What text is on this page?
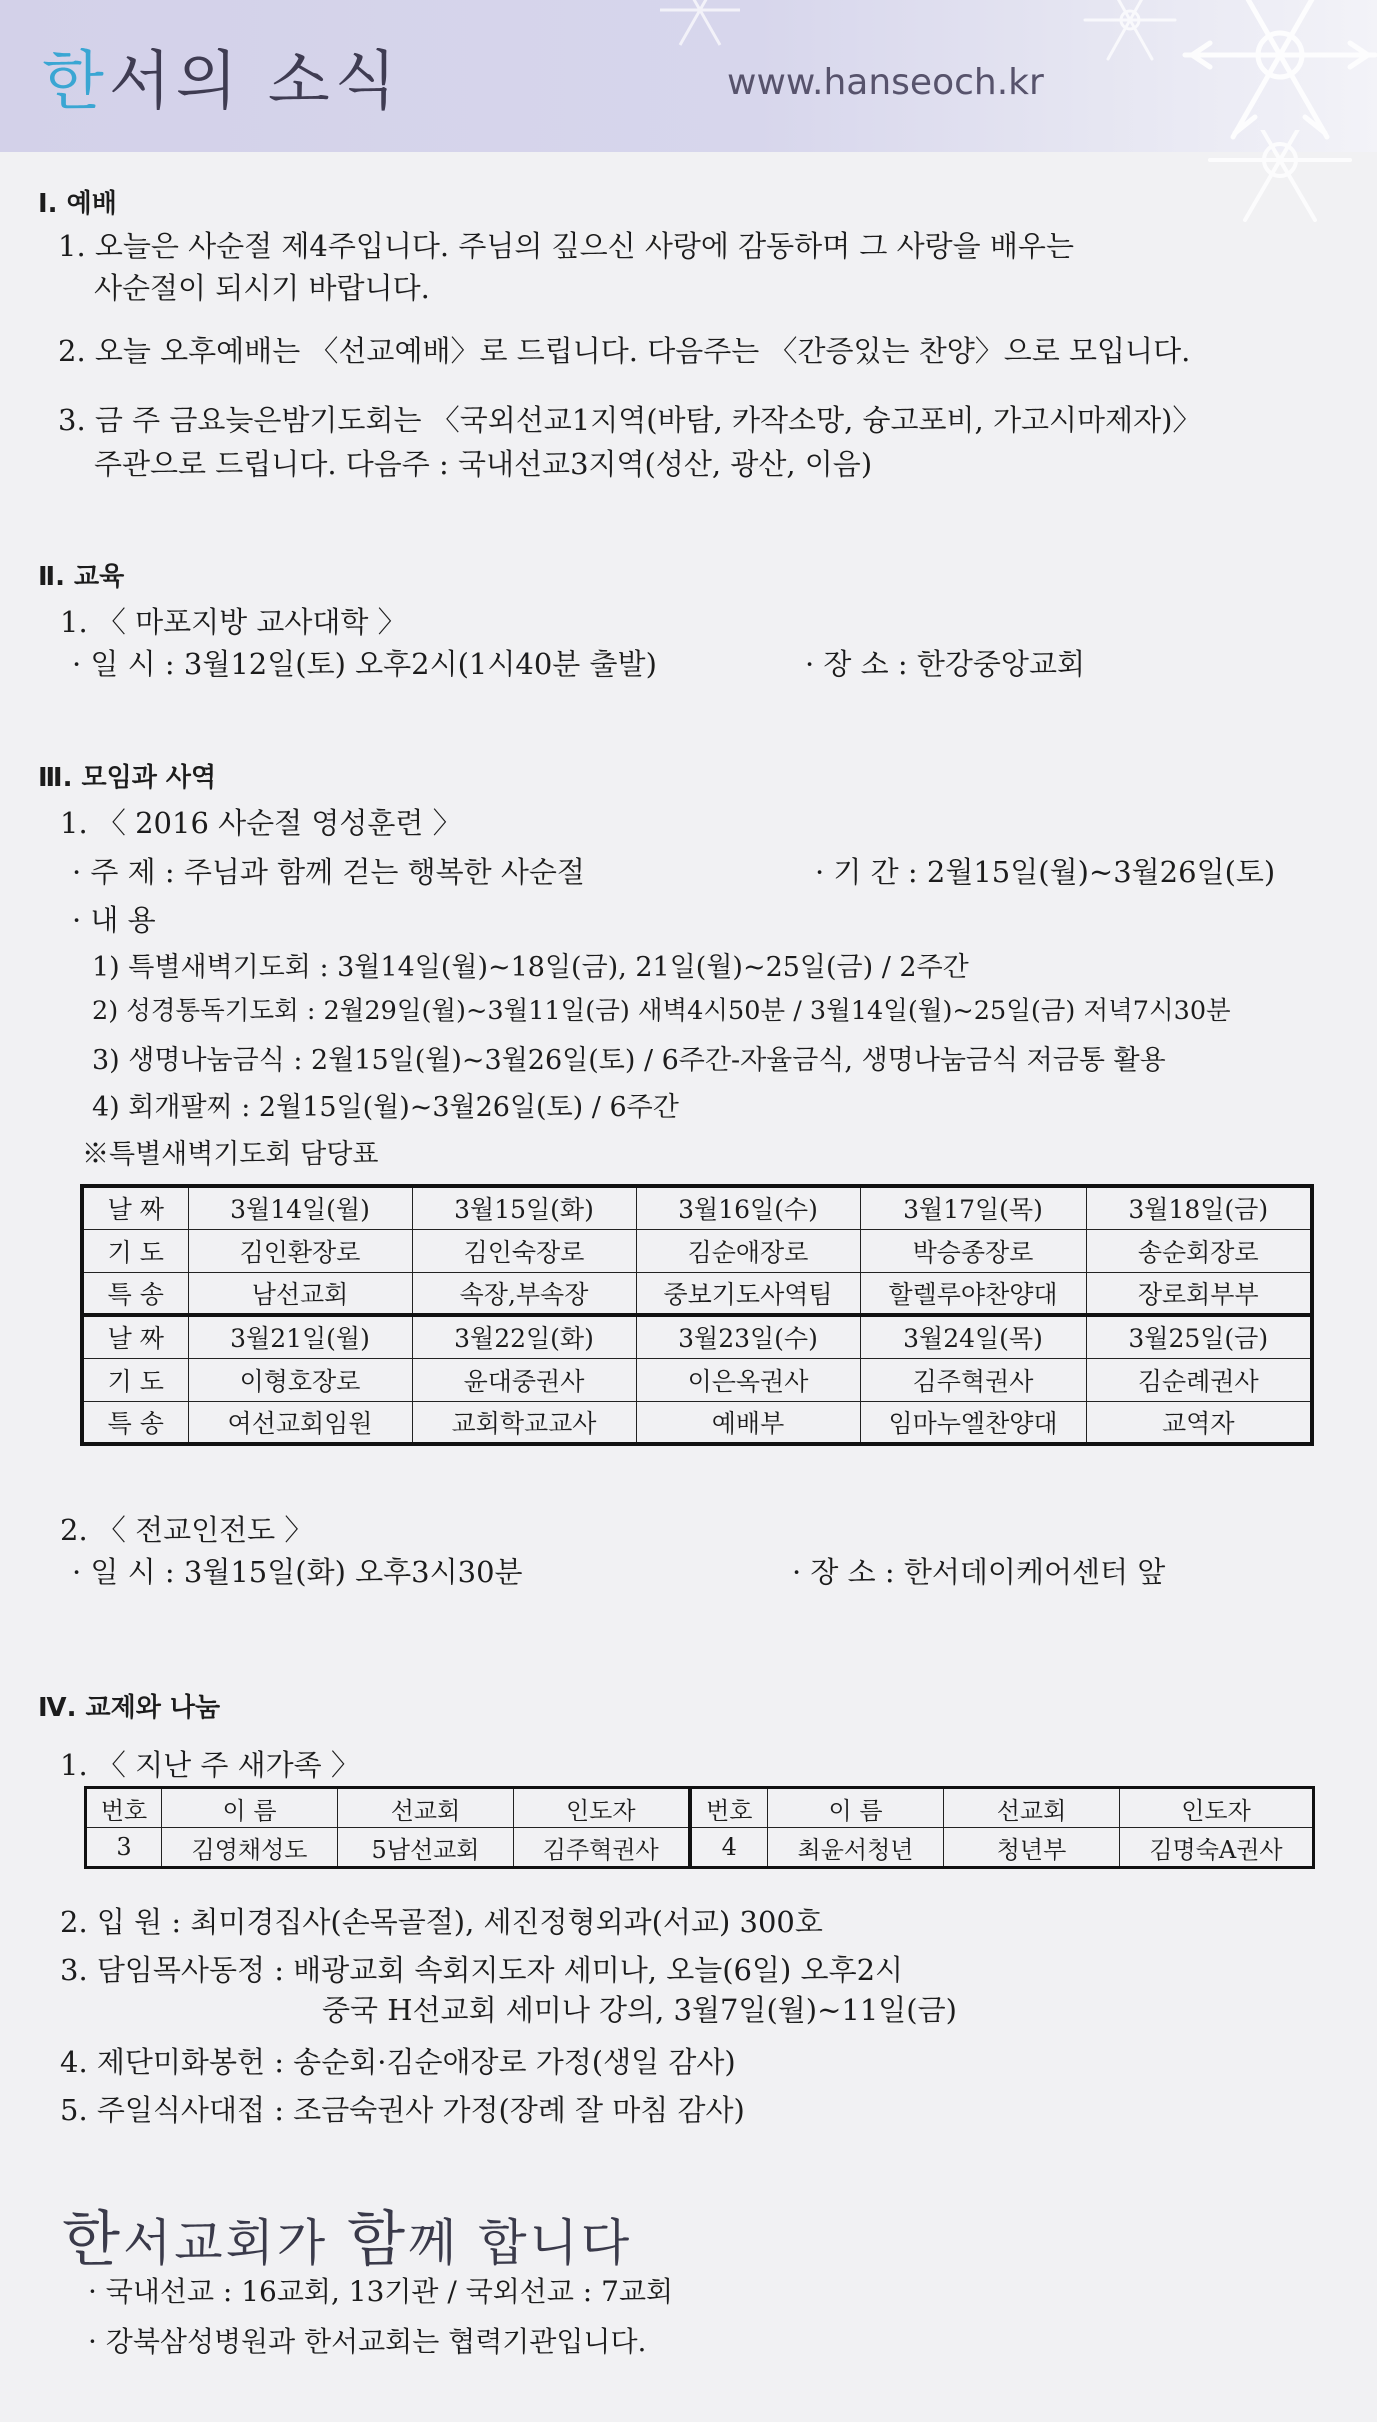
한서의 소식	www.hanseoch.kr
Ⅰ. 예배
1. 오늘은 사순절 제4주입니다. 주님의 깊으신 사랑에 감동하며 그 사랑을 배우는
사순절이 되시기 바랍니다.
2. 오늘 오후예배는 〈선교예배〉로 드립니다. 다음주는 〈간증있는 찬양〉으로 모입니다.
3. 금 주 금요늦은밤기도회는 〈국외선교1지역(바탐, 카작소망, 슝고포비, 가고시마제자)〉
주관으로 드립니다. 다음주 : 국내선교3지역(성산, 광산, 이음)
Ⅱ. 교육
1. 〈 마포지방 교사대학 〉
· 일 시 : 3월12일(토) 오후2시(1시40분 출발)	· 장 소 : 한강중앙교회
Ⅲ. 모임과 사역
1. 〈 2016 사순절 영성훈련 〉
· 주 제 : 주님과 함께 걷는 행복한 사순절	· 기 간 : 2월15일(월)~3월26일(토)
· 내 용
1) 특별새벽기도회 : 3월14일(월)~18일(금), 21일(월)~25일(금) / 2주간
2) 성경통독기도회 : 2월29일(월)~3월11일(금) 새벽4시50분 / 3월14일(월)~25일(금) 저녁7시30분
3) 생명나눔금식 : 2월15일(월)~3월26일(토) / 6주간-자율금식, 생명나눔금식 저금통 활용
4) 회개팔찌 : 2월15일(월)~3월26일(토) / 6주간
※특별새벽기도회 담당표
날 짜	3월14일(월)	3월15일(화)	3월16일(수)	3월17일(목)	3월18일(금)
기 도	김인환장로	김인숙장로	김순애장로	박승종장로	송순회장로
특 송	남선교회	속장,부속장	중보기도사역팀	할렐루야찬양대	장로회부부
날 짜	3월21일(월)	3월22일(화)	3월23일(수)	3월24일(목)	3월25일(금)
기 도	이형호장로	윤대중권사	이은옥권사	김주혁권사	김순례권사
특 송	여선교회임원	교회학교교사	예배부	임마누엘찬양대	교역자
2. 〈 전교인전도 〉
· 일 시 : 3월15일(화) 오후3시30분	· 장 소 : 한서데이케어센터 앞
Ⅳ. 교제와 나눔
1. 〈 지난 주 새가족 〉
번호	이 름	선교회	인도자	번호	이 름	선교회	인도자
3	김영채성도	5남선교회	김주혁권사	4	최윤서청년	청년부	김명숙A권사
2. 입 원 : 최미경집사(손목골절), 세진정형외과(서교) 300호
3. 담임목사동정 : 배광교회 속회지도자 세미나, 오늘(6일) 오후2시
중국 H선교회 세미나 강의, 3월7일(월)~11일(금)
4. 제단미화봉헌 : 송순회·김순애장로 가정(생일 감사)
5. 주일식사대접 : 조금숙권사 가정(장례 잘 마침 감사)
한서교회가 함께 합니다
· 국내선교 : 16교회, 13기관 / 국외선교 : 7교회
· 강북삼성병원과 한서교회는 협력기관입니다.
